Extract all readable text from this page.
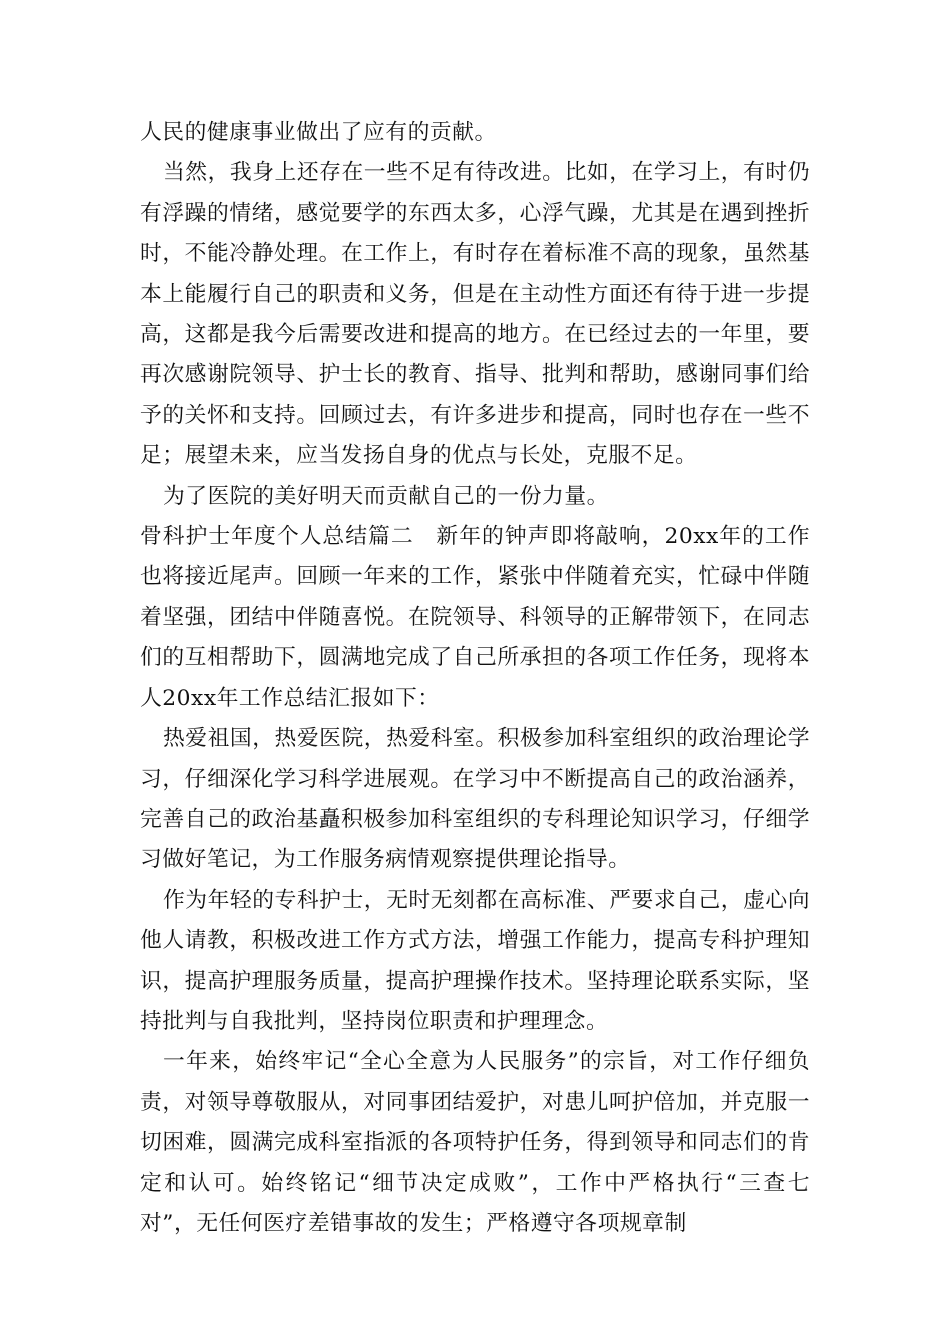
人民的健康事业做出了应有的贡献。

当然，我身上还存在一些不足有待改进。比如，在学习上，有时仍有浮躁的情绪，感觉要学的东西太多，心浮气躁，尤其是在遇到挫折时，不能冷静处理。在工作上，有时存在着标准不高的现象，虽然基本上能履行自己的职责和义务，但是在主动性方面还有待于进一步提高，这都是我今后需要改进和提高的地方。在已经过去的一年里，要再次感谢院领导、护士长的教育、指导、批判和帮助，感谢同事们给予的关怀和支持。回顾过去，有许多进步和提高，同时也存在一些不足；展望未来，应当发扬自身的优点与长处，克服不足。

为了医院的美好明天而贡献自己的一份力量。

骨科护士年度个人总结篇二　新年的钟声即将敲响，20xx年的工作也将接近尾声。回顾一年来的工作，紧张中伴随着充实，忙碌中伴随着坚强，团结中伴随喜悦。在院领导、科领导的正解带领下，在同志们的互相帮助下，圆满地完成了自己所承担的各项工作任务，现将本人20xx年工作总结汇报如下：

热爱祖国，热爱医院，热爱科室。积极参加科室组织的政治理论学习，仔细深化学习科学进展观。在学习中不断提高自己的政治涵养，完善自己的政治基矗积极参加科室组织的专科理论知识学习，仔细学习做好笔记，为工作服务病情观察提供理论指导。

作为年轻的专科护士，无时无刻都在高标准、严要求自己，虚心向他人请教，积极改进工作方式方法，增强工作能力，提高专科护理知识，提高护理服务质量，提高护理操作技术。坚持理论联系实际，坚持批判与自我批判，坚持岗位职责和护理理念。

一年来，始终牢记“全心全意为人民服务”的宗旨，对工作仔细负责，对领导尊敬服从，对同事团结爱护，对患儿呵护倍加，并克服一切困难，圆满完成科室指派的各项特护任务，得到领导和同志们的肯定和认可。始终铭记“细节决定成败”，工作中严格执行“三查七对”，无任何医疗差错事故的发生；严格遵守各项规章制
